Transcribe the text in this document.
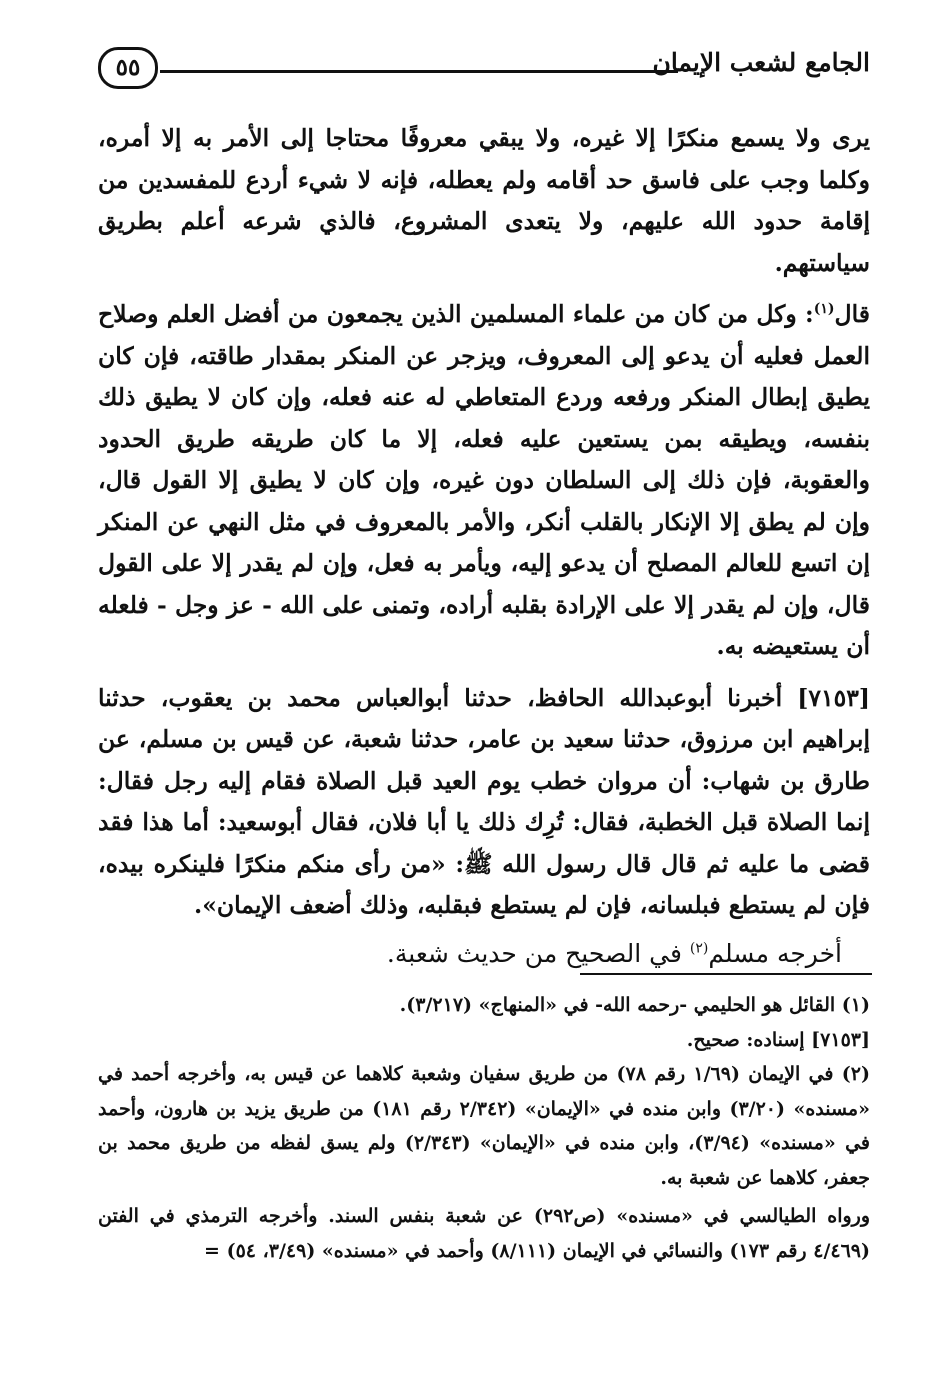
الجامع لشعب الإيمان
٥٥

يرى ولا يسمع منكرًا إلا غيره، ولا يبقي معروفًا محتاجا إلى الأمر به إلا أمره، وكلما وجب على فاسق حد أقامه ولم يعطله، فإنه لا شيء أردع للمفسدين من إقامة حدود الله عليهم، ولا يتعدى المشروع، فالذي شرعه أعلم بطريق سياستهم.

قال$^{(١)}$: وكل من كان من علماء المسلمين الذين يجمعون من أفضل العلم وصلاح العمل فعليه أن يدعو إلى المعروف، ويزجر عن المنكر بمقدار طاقته، فإن كان يطيق إبطال المنكر ورفعه وردع المتعاطي له عنه فعله، وإن كان لا يطيق ذلك بنفسه، ويطيقه بمن يستعين عليه فعله، إلا ما كان طريقه طريق الحدود والعقوبة، فإن ذلك إلى السلطان دون غيره، وإن كان لا يطيق إلا القول قال، وإن لم يطق إلا الإنكار بالقلب أنكر، والأمر بالمعروف في مثل النهي عن المنكر إن اتسع للعالم المصلح أن يدعو إليه، ويأمر به فعل، وإن لم يقدر إلا على القول قال، وإن لم يقدر إلا على الإرادة بقلبه أراده، وتمنى على الله - عز وجل - فلعله أن يستعيضه به.

[٧١٥٣] أخبرنا أبوعبدالله الحافظ، حدثنا أبوالعباس محمد بن يعقوب، حدثنا إبراهيم ابن مرزوق، حدثنا سعيد بن عامر، حدثنا شعبة، عن قيس بن مسلم، عن طارق بن شهاب: أن مروان خطب يوم العيد قبل الصلاة فقام إليه رجل فقال: إنما الصلاة قبل الخطبة، فقال: تُرِك ذلك يا أبا فلان، فقال أبوسعيد: أما هذا فقد قضى ما عليه ثم قال قال رسول الله ﷺ: «من رأى منكم منكرًا فلينكره بيده، فإن لم يستطع فبلسانه، فإن لم يستطع فبقلبه، وذلك أضعف الإيمان».

أخرجه مسلم$^{(٢)}$ في الصحيح من حديث شعبة.

(١) القائل هو الحليمي -رحمه الله- في «المنهاج» (٣/٢١٧).

[٧١٥٣] إسناده: صحيح.

(٢) في الإيمان (١/٦٩ رقم ٧٨) من طريق سفيان وشعبة كلاهما عن قيس به، وأخرجه أحمد في «مسنده» (٣/٢٠) وابن منده في «الإيمان» (٢/٣٤٢ رقم ١٨١) من طريق يزيد بن هارون، وأحمد في «مسنده» (٣/٩٤)، وابن منده في «الإيمان» (٢/٣٤٣) ولم يسق لفظه من طريق محمد بن جعفر، كلاهما عن شعبة به.

ورواه الطيالسي في «مسنده» (ص٢٩٢) عن شعبة بنفس السند. وأخرجه الترمذي في الفتن (٤/٤٦٩ رقم ١٧٣) والنسائي في الإيمان (٨/١١١) وأحمد في «مسنده» (٣/٤٩، ٥٤) =
